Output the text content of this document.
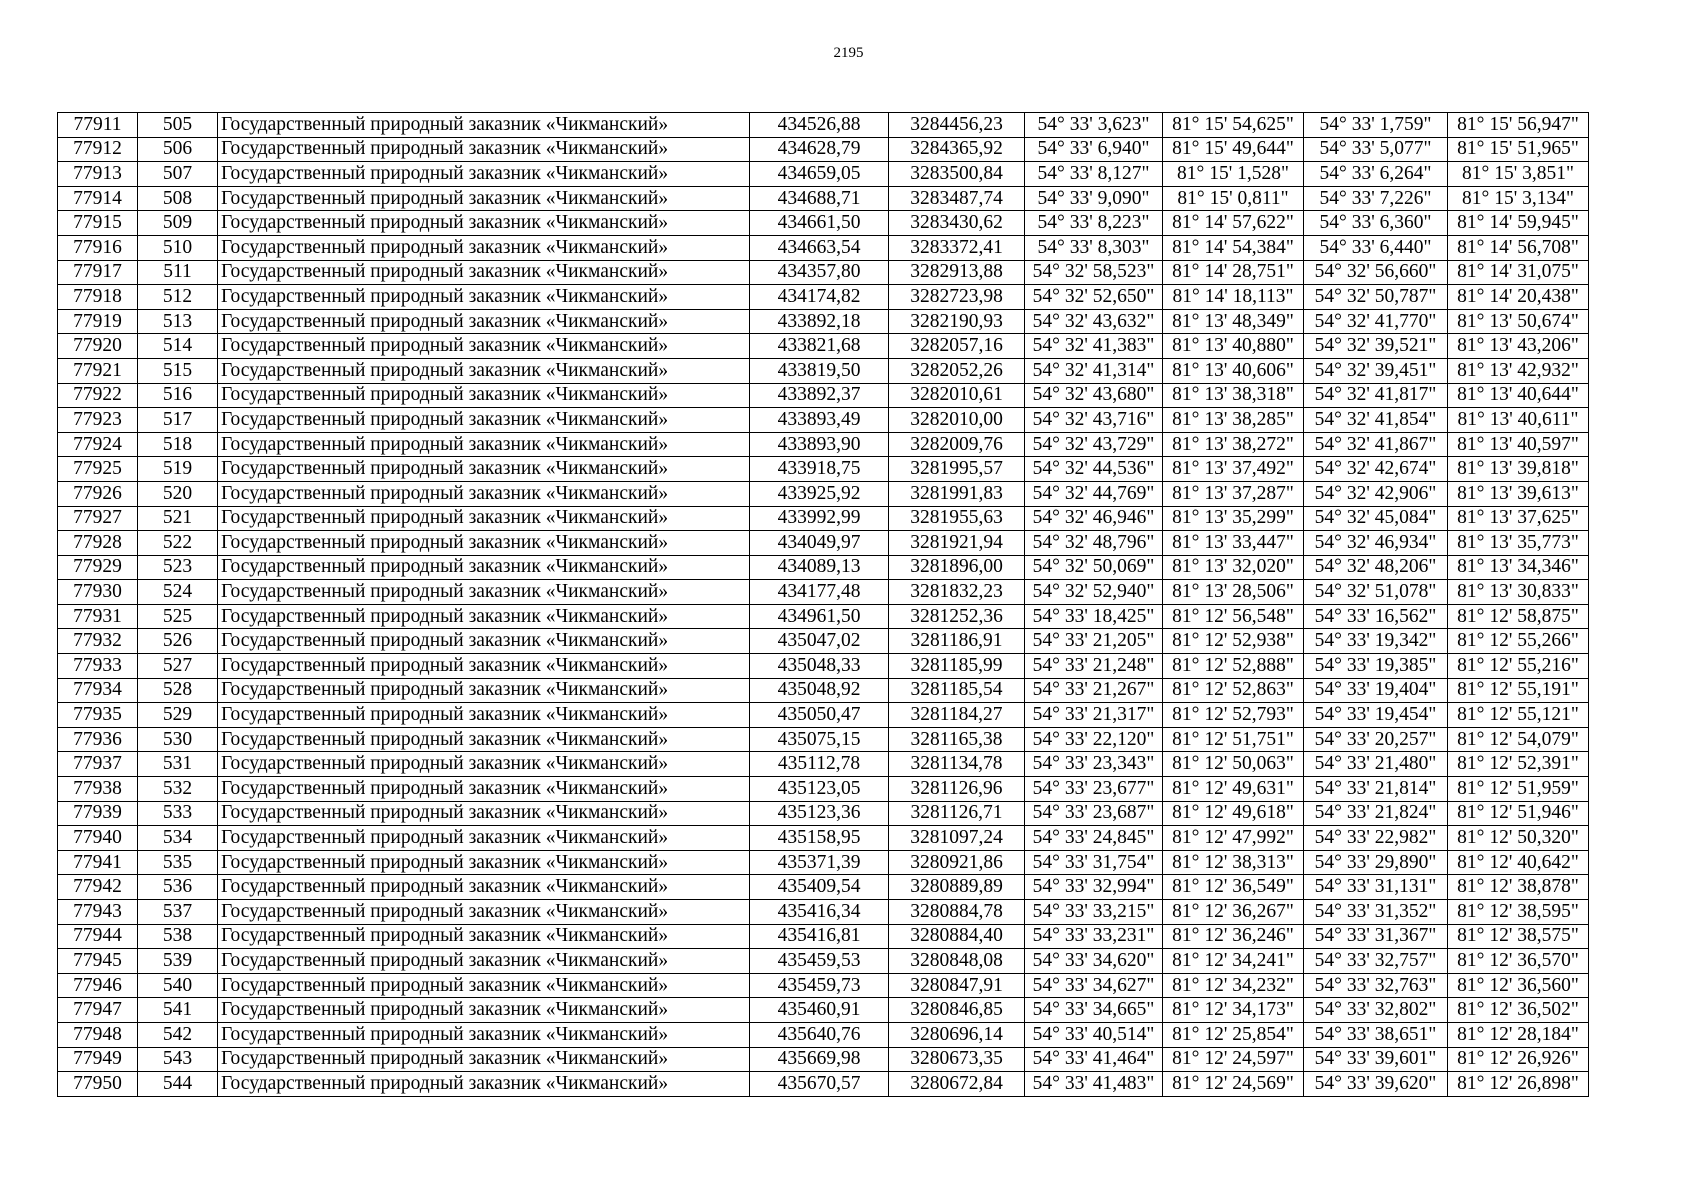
2195
77911	505	Государственный природный заказник «Чикманский»	434526,88	3284456,23	54° 33' 3,623"	81° 15' 54,625"	54° 33' 1,759"	81° 15' 56,947"
77912	506	Государственный природный заказник «Чикманский»	434628,79	3284365,92	54° 33' 6,940"	81° 15' 49,644"	54° 33' 5,077"	81° 15' 51,965"
77913	507	Государственный природный заказник «Чикманский»	434659,05	3283500,84	54° 33' 8,127"	81° 15' 1,528"	54° 33' 6,264"	81° 15' 3,851"
77914	508	Государственный природный заказник «Чикманский»	434688,71	3283487,74	54° 33' 9,090"	81° 15' 0,811"	54° 33' 7,226"	81° 15' 3,134"
77915	509	Государственный природный заказник «Чикманский»	434661,50	3283430,62	54° 33' 8,223"	81° 14' 57,622"	54° 33' 6,360"	81° 14' 59,945"
77916	510	Государственный природный заказник «Чикманский»	434663,54	3283372,41	54° 33' 8,303"	81° 14' 54,384"	54° 33' 6,440"	81° 14' 56,708"
77917	511	Государственный природный заказник «Чикманский»	434357,80	3282913,88	54° 32' 58,523"	81° 14' 28,751"	54° 32' 56,660"	81° 14' 31,075"
77918	512	Государственный природный заказник «Чикманский»	434174,82	3282723,98	54° 32' 52,650"	81° 14' 18,113"	54° 32' 50,787"	81° 14' 20,438"
77919	513	Государственный природный заказник «Чикманский»	433892,18	3282190,93	54° 32' 43,632"	81° 13' 48,349"	54° 32' 41,770"	81° 13' 50,674"
77920	514	Государственный природный заказник «Чикманский»	433821,68	3282057,16	54° 32' 41,383"	81° 13' 40,880"	54° 32' 39,521"	81° 13' 43,206"
77921	515	Государственный природный заказник «Чикманский»	433819,50	3282052,26	54° 32' 41,314"	81° 13' 40,606"	54° 32' 39,451"	81° 13' 42,932"
77922	516	Государственный природный заказник «Чикманский»	433892,37	3282010,61	54° 32' 43,680"	81° 13' 38,318"	54° 32' 41,817"	81° 13' 40,644"
77923	517	Государственный природный заказник «Чикманский»	433893,49	3282010,00	54° 32' 43,716"	81° 13' 38,285"	54° 32' 41,854"	81° 13' 40,611"
77924	518	Государственный природный заказник «Чикманский»	433893,90	3282009,76	54° 32' 43,729"	81° 13' 38,272"	54° 32' 41,867"	81° 13' 40,597"
77925	519	Государственный природный заказник «Чикманский»	433918,75	3281995,57	54° 32' 44,536"	81° 13' 37,492"	54° 32' 42,674"	81° 13' 39,818"
77926	520	Государственный природный заказник «Чикманский»	433925,92	3281991,83	54° 32' 44,769"	81° 13' 37,287"	54° 32' 42,906"	81° 13' 39,613"
77927	521	Государственный природный заказник «Чикманский»	433992,99	3281955,63	54° 32' 46,946"	81° 13' 35,299"	54° 32' 45,084"	81° 13' 37,625"
77928	522	Государственный природный заказник «Чикманский»	434049,97	3281921,94	54° 32' 48,796"	81° 13' 33,447"	54° 32' 46,934"	81° 13' 35,773"
77929	523	Государственный природный заказник «Чикманский»	434089,13	3281896,00	54° 32' 50,069"	81° 13' 32,020"	54° 32' 48,206"	81° 13' 34,346"
77930	524	Государственный природный заказник «Чикманский»	434177,48	3281832,23	54° 32' 52,940"	81° 13' 28,506"	54° 32' 51,078"	81° 13' 30,833"
77931	525	Государственный природный заказник «Чикманский»	434961,50	3281252,36	54° 33' 18,425"	81° 12' 56,548"	54° 33' 16,562"	81° 12' 58,875"
77932	526	Государственный природный заказник «Чикманский»	435047,02	3281186,91	54° 33' 21,205"	81° 12' 52,938"	54° 33' 19,342"	81° 12' 55,266"
77933	527	Государственный природный заказник «Чикманский»	435048,33	3281185,99	54° 33' 21,248"	81° 12' 52,888"	54° 33' 19,385"	81° 12' 55,216"
77934	528	Государственный природный заказник «Чикманский»	435048,92	3281185,54	54° 33' 21,267"	81° 12' 52,863"	54° 33' 19,404"	81° 12' 55,191"
77935	529	Государственный природный заказник «Чикманский»	435050,47	3281184,27	54° 33' 21,317"	81° 12' 52,793"	54° 33' 19,454"	81° 12' 55,121"
77936	530	Государственный природный заказник «Чикманский»	435075,15	3281165,38	54° 33' 22,120"	81° 12' 51,751"	54° 33' 20,257"	81° 12' 54,079"
77937	531	Государственный природный заказник «Чикманский»	435112,78	3281134,78	54° 33' 23,343"	81° 12' 50,063"	54° 33' 21,480"	81° 12' 52,391"
77938	532	Государственный природный заказник «Чикманский»	435123,05	3281126,96	54° 33' 23,677"	81° 12' 49,631"	54° 33' 21,814"	81° 12' 51,959"
77939	533	Государственный природный заказник «Чикманский»	435123,36	3281126,71	54° 33' 23,687"	81° 12' 49,618"	54° 33' 21,824"	81° 12' 51,946"
77940	534	Государственный природный заказник «Чикманский»	435158,95	3281097,24	54° 33' 24,845"	81° 12' 47,992"	54° 33' 22,982"	81° 12' 50,320"
77941	535	Государственный природный заказник «Чикманский»	435371,39	3280921,86	54° 33' 31,754"	81° 12' 38,313"	54° 33' 29,890"	81° 12' 40,642"
77942	536	Государственный природный заказник «Чикманский»	435409,54	3280889,89	54° 33' 32,994"	81° 12' 36,549"	54° 33' 31,131"	81° 12' 38,878"
77943	537	Государственный природный заказник «Чикманский»	435416,34	3280884,78	54° 33' 33,215"	81° 12' 36,267"	54° 33' 31,352"	81° 12' 38,595"
77944	538	Государственный природный заказник «Чикманский»	435416,81	3280884,40	54° 33' 33,231"	81° 12' 36,246"	54° 33' 31,367"	81° 12' 38,575"
77945	539	Государственный природный заказник «Чикманский»	435459,53	3280848,08	54° 33' 34,620"	81° 12' 34,241"	54° 33' 32,757"	81° 12' 36,570"
77946	540	Государственный природный заказник «Чикманский»	435459,73	3280847,91	54° 33' 34,627"	81° 12' 34,232"	54° 33' 32,763"	81° 12' 36,560"
77947	541	Государственный природный заказник «Чикманский»	435460,91	3280846,85	54° 33' 34,665"	81° 12' 34,173"	54° 33' 32,802"	81° 12' 36,502"
77948	542	Государственный природный заказник «Чикманский»	435640,76	3280696,14	54° 33' 40,514"	81° 12' 25,854"	54° 33' 38,651"	81° 12' 28,184"
77949	543	Государственный природный заказник «Чикманский»	435669,98	3280673,35	54° 33' 41,464"	81° 12' 24,597"	54° 33' 39,601"	81° 12' 26,926"
77950	544	Государственный природный заказник «Чикманский»	435670,57	3280672,84	54° 33' 41,483"	81° 12' 24,569"	54° 33' 39,620"	81° 12' 26,898"
